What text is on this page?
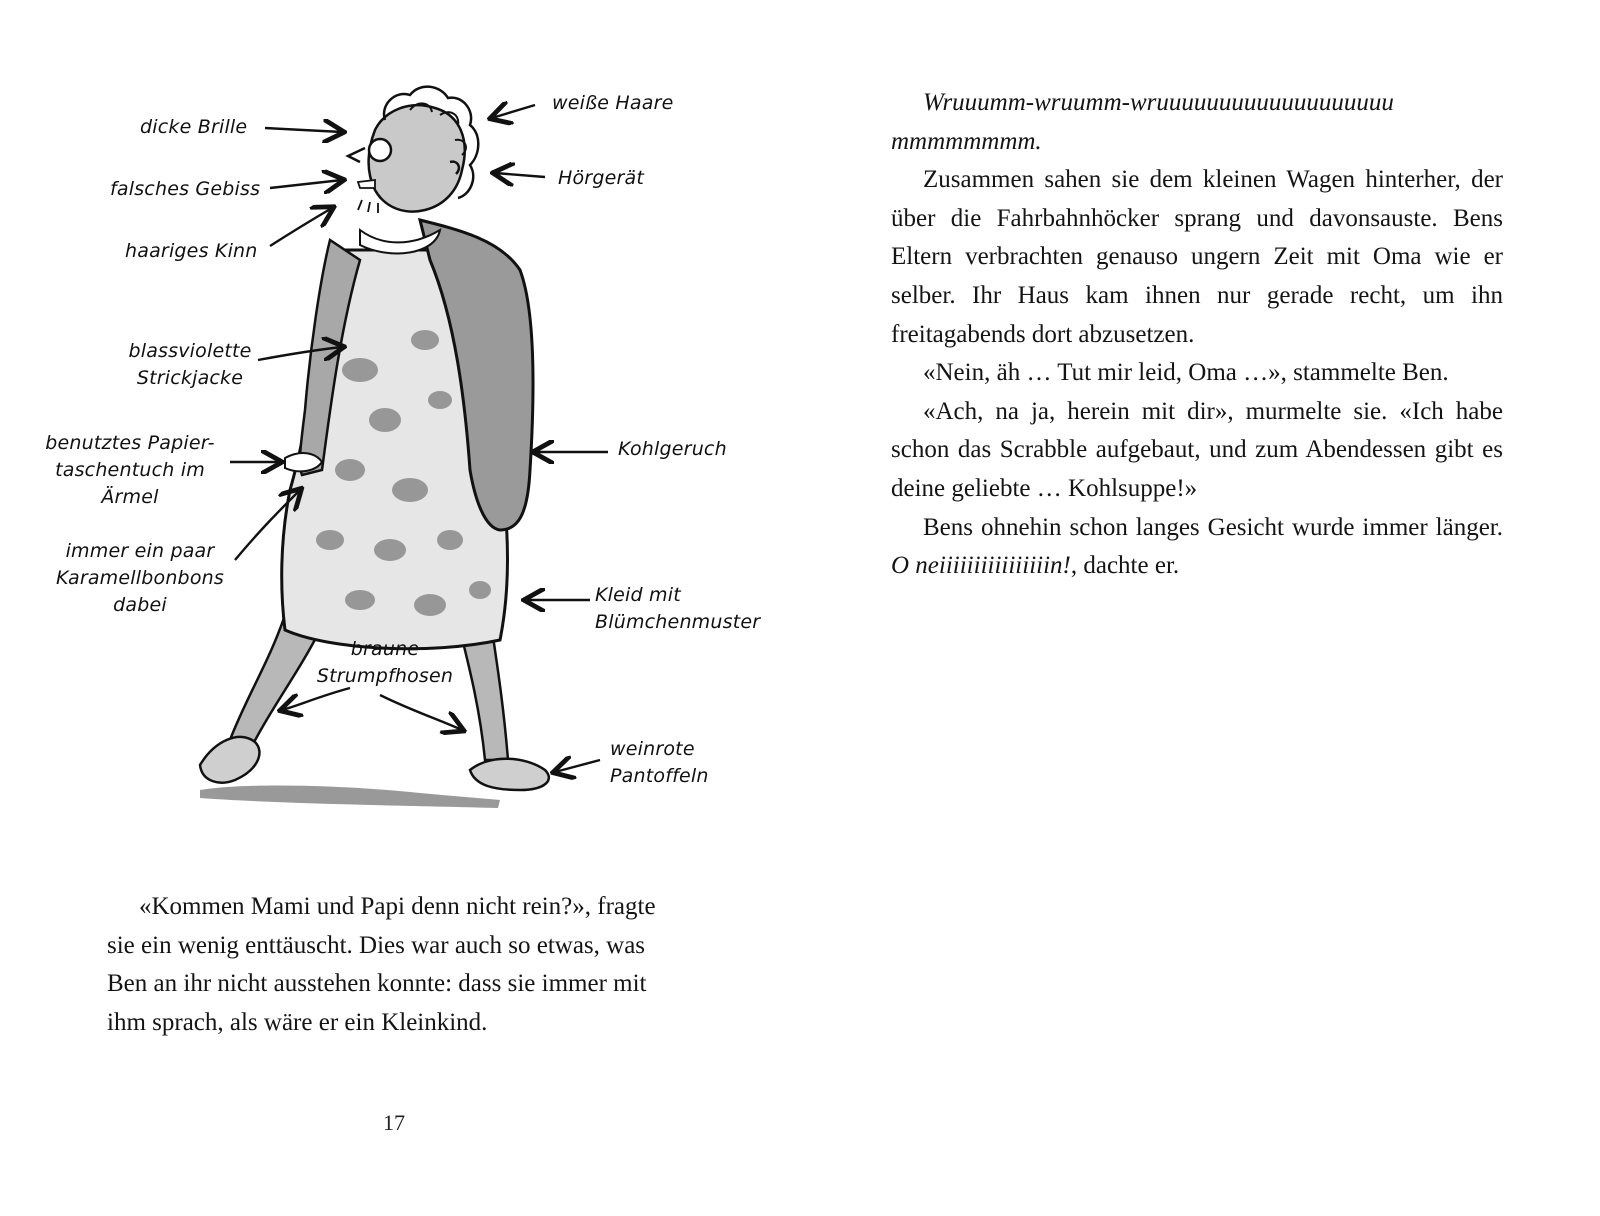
dicke Brille
weiße Haare
falsches Gebiss	Hörgerät
haariges Kinn
blassviolette
Strickjacke
benutztes Papier-
taschentuch im
Ärmel
Kohlgeruch
immer ein paar
Karamellbonbons
dabei	Kleid mit
Blümchenmuster
braune
Strumpfhosen
weinrote
Pantoffeln

«Kommen Mami und Papi denn nicht rein?», fragte

sie ein wenig enttäuscht. Dies war auch so etwas, was

Ben an ihr nicht ausstehen konnte: dass sie immer mit

ihm sprach, als wäre er ein Kleinkind.

17

Wruuumm-wruumm-wruuuuuuuuuuuuuuuuuuu

mmmmmmmm.

Zusammen sahen sie dem kleinen Wagen hinterher, der über die Fahrbahnhöcker sprang und davonsauste. Bens Eltern verbrachten genauso ungern Zeit mit Oma wie er selber. Ihr Haus kam ihnen nur gerade recht, um ihn freitagabends dort abzusetzen.

«Nein, äh … Tut mir leid, Oma …», stammelte Ben.

«Ach, na ja, herein mit dir», murmelte sie. «Ich habe schon das Scrabble aufgebaut, und zum Abendessen gibt es deine geliebte … Kohlsuppe!»

Bens ohnehin schon langes Gesicht wurde immer länger. O neiiiiiiiiiiiiiiiin!, dachte er.
